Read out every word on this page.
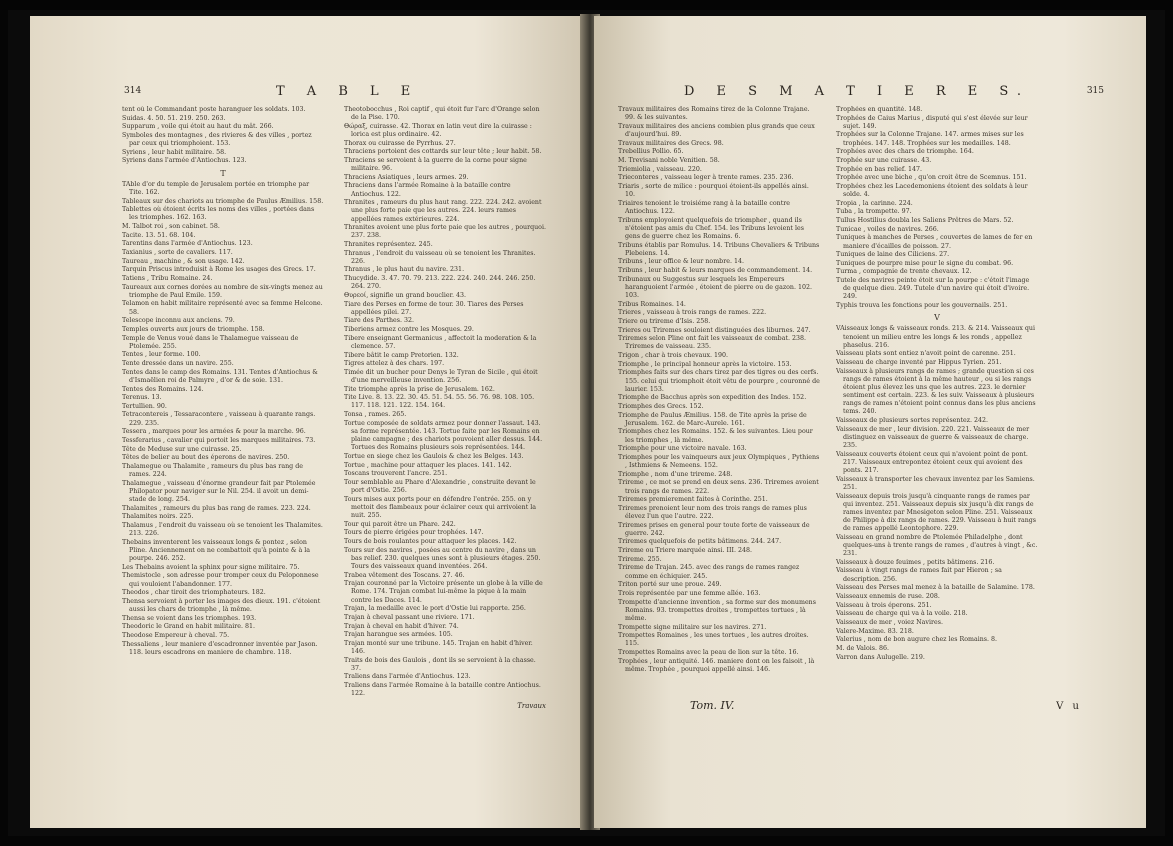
314	T A B L E
tent où le Commandant poste haranguer les soldats. 103.
Suidas. 4. 50. 51. 219. 250. 263.
Supparum , voile qui étoit au haut du mât. 266.
Symboles des montagnes , des rivieres & des villes , portez par ceux qui triomphoient. 153.
Syriens , leur habit militaire. 58.
Syriens dans l'armée d'Antiochus. 123.
T
TAble d'or du temple de Jerusalem portée en triomphe par Tite. 162.
Tableaux sur des chariots au triomphe de Paulus Æmilius. 158.
Tablettes où étoient écrits les noms des villes , portées dans les triomphes. 162. 163.
M. Talbot roi , son cabinet. 58.
Tacite. 13. 51. 68. 104.
Tarentins dans l'armée d'Antiochus. 123.
Taxianius , sorte de cavaliers. 117.
Taureau , machine , & son usage. 142.
Tarquin Priscus introduisit à Rome les usages des Grecs. 17.
Tatiens , Tribu Romaine. 24.
Taureaux aux cornes dorées au nombre de six-vingts menez au triomphe de Paul Emile. 159.
Telamon en habit militaire représenté avec sa femme Helcone. 58.
Telescope inconnu aux anciens. 79.
Temples ouverts aux jours de triomphe. 158.
Temple de Venus voué dans le Thalamegue vaisseau de Ptolemée. 255.
Tentes , leur forme. 100.
Tente dressée dans un navire. 255.
Tentes dans le camp des Romains. 131. Tentes d'Antiochus & d'Ismaëlien roi de Palmyre , d'or & de soie. 131.
Tentes des Romains. 124.
Terenus. 13.
Tertullien. 90.
Tetracontereis , Tessaracontere , vaisseau à quarante rangs. 229. 235.
Tessera , marques pour les armées & pour la marche. 96.
Tessferarius , cavalier qui portoit les marques militaires. 73.
Tête de Meduse sur une cuirasse. 25.
Têtes de belier au bout des éperons de navires. 250.
Thalamegue ou Thalamite , rameurs du plus bas rang de rames. 224.
Thalamegue , vaisseau d'énorme grandeur fait par Ptolemée Philopator pour naviger sur le Nil. 254. il avoit un demi-stade de long. 254.
Thalamites , rameurs du plus bas rang de rames. 223. 224.
Thalamites noirs. 225.
Thalamus , l'endroit du vaisseau où se tenoient les Thalamites. 213. 226.
Thebains inventerent les vaisseaux longs & pontez , selon Pline. Anciennement on ne combattoit qu'à pointe & à la pourpe. 246. 252.
Les Thebains avoient la sphinx pour signe militaire. 75.
Themistocle , son adresse pour tromper ceux du Peloponnese qui vouloient l'abandonner. 177.
Theodos , char tiroit des triomphateurs. 182.
Thensa servoient à porter les images des dieux. 191. c'étoient aussi les chars de triomphe , là même.
Thensa se voient dans les triomphes. 193.
Theodoric le Grand en habit militaire. 81.
Theodose Empereur à cheval. 75.
Thessaliens , leur maniere d'escadronner inventée par Jason. 118. leurs escadrons en maniere de chambre. 118.
Theotobocchus , Roi captif , qui étoit fur l'arc d'Orange selon de la Pise. 170.
Θώραξ, cuirasse. 42. Thorax en latin veut dire la cuirasse : lorica est plus ordinaire. 42.
Thorax ou cuirasse de Pyrrhus. 27.
Thraciens portoient des cottards sur leur tête ; leur habit. 58.
Thraciens se servoient à la guerre de la corne pour signe militaire. 96.
Thraciens Asiatiques , leurs armes. 29.
Thraciens dans l'armée Romaine à la bataille contre Antiochus. 122.
Thranites , rameurs du plus haut rang. 222. 224. 242. avoient une plus forte paie que les autres. 224. leurs rames appellées rames extérieures. 224.
Thranites avoient une plus forte paie que les autres , pourquoi. 237. 238.
Thranites représentez. 245.
Thranus , l'endroit du vaisseau où se tenoient les Thranites. 226.
Thranus , le plus haut du navire. 231.
Thucydide. 3. 47. 70. 79. 213. 222. 224. 240. 244. 246. 250. 264. 270.
Θυρεοί, signifie un grand bouclier. 43.
Tiare des Perses en forme de tour. 30. Tiares des Perses appellées pilei. 27.
Tiare des Parthes. 32.
Tiberiens armez contre les Mosques. 29.
Tibere enseignant Germanicus , affectoit la moderation & la clemence. 57.
Tibere bâtit le camp Pretorien. 132.
Tigres attelez à des chars. 197.
Timée dit un bucher pour Denys le Tyran de Sicile , qui étoit d'une merveilleuse invention. 256.
Tite triomphe après la prise de Jerusalem. 162.
Tite Live. 8. 13. 22. 30. 45. 51. 54. 55. 56. 76. 98. 108. 105. 117. 118. 121. 122. 154. 164.
Tonsa , rames. 265.
Tortue composée de soldats armez pour donner l'assaut. 143. sa forme représentée. 143. Tortue faite par les Romains en plaine campagne ; des chariots pouvoient aller dessus. 144. Tortues des Romains plusieurs sois représentées. 144.
Tortue en siege chez les Gaulois & chez les Belges. 143.
Tortue , machine pour attaquer les places. 141. 142.
Toscans trouverent l'ancre. 251.
Tour semblable au Phare d'Alexandrie , construite devant le port d'Ostie. 256.
Tours mises aux ports pour en défendre l'entrée. 255. on y mettoit des flambeaux pour éclairer ceux qui arrivoient la nuit. 255.
Tour qui paroit être un Phare. 242.
Tours de pierre érigées pour trophées. 147.
Tours de bois roulantes pour attaquer les places. 142.
Tours sur des navires , posées au centre du navire , dans un bas relief. 230. quelques unes sont à plusieurs étages. 250. Tours des vaisseaux quand inventées. 264.
Trabea vêtement des Toscans. 27. 46.
Trajan couronné par la Victoire présente un globe à la ville de Rome. 174. Trajan combat lui-même la pique à la main contre les Daces. 114.
Trajan, la medaille avec le port d'Ostie lui rapporte. 256.
Trajan à cheval passant une riviere. 171.
Trajan à cheval en habit d'hiver. 74.
Trajan harangue ses armées. 105.
Trajan monté sur une tribune. 145. Trajan en habit d'hiver. 146.
Traits de bois des Gaulois , dont ils se servoient à la chasse. 37.
Traliens dans l'armée d'Antiochus. 123.
Traliens dans l'armée Romaine à la bataille contre Antiochus. 122.
Travaux
D E S M A T I E R E S.	315
Travaux militaires des Romains tirez de la Colonne Trajane. 99. & les suivantes.
Travaux militaires des anciens combien plus grands que ceux d'aujourd'hui. 89.
Travaux militaires des Grecs. 98.
Trebellius Pollio. 65.
M. Trevisani noble Venitien. 58.
Triemiolia , vaisseau. 220.
Trieconteres , vaisseau leger à trente rames. 235. 236.
Triaris , sorte de milice : pourquoi étoient-ils appellés ainsi. 10.
Triaires tenoient le troisiéme rang à la bataille contre Antiochus. 122.
Tribuns employoient quelquefois de triompher , quand ils n'étoient pas amis du Chef. 154. les Tribuns levoient les gens de guerre chez les Romains. 6.
Tribuns établis par Romulus. 14. Tribuns Chevaliers & Tribuns Plebeiens. 14.
Tribuns , leur office & leur nombre. 14.
Tribuns , leur habit & leurs marques de commandement. 14.
Tribunaux ou Suggestus sur lesquels les Empereurs haranguoient l'armée , étoient de pierre ou de gazon. 102. 103.
Tribus Romaines. 14.
Trieres , vaisseau à trois rangs de rames. 222.
Triere ou trireme d'Isis. 258.
Trieres ou Triremes souloient distinguées des liburnes. 247.
Triremes selon Pline ont fait les vaisseaux de combat. 238. Triremes de vaisseau. 235.
Trigon , char à trois chevaux. 190.
Triomphe , le principal honneur après la victoire. 153.
Triomphes faits sur des chars tirez par des tigres ou des cerfs. 155. celui qui triomphoit étoit vêtu de pourpre , couronné de laurier. 153.
Triomphe de Bacchus après son expedition des Indes. 152.
Triomphes des Grecs. 152.
Triomphe de Paulus Æmilius. 158. de Tite après la prise de Jerusalem. 162. de Marc-Aurele. 161.
Triomphes chez les Romains. 152. & les suivantes. Lieu pour les triomphes , là même.
Triomphe pour une victoire navale. 163.
Triomphes pour les vainqueurs aux jeux Olympiques , Pythiens , Isthmiens & Nemeens. 152.
Triomphe , nom d'une trireme. 248.
Trireme , ce mot se prend en deux sens. 236. Triremes avoient trois rangs de rames. 222.
Triremes premierement faites à Corinthe. 251.
Triremes prenoient leur nom des trois rangs de rames plus élevez l'un que l'autre. 222.
Triremes prises en general pour toute forte de vaisseaux de guerre. 242.
Triremes quelquefois de petits bâtimens. 244. 247.
Trireme ou Triere marquée ainsi. III. 248.
Trireme. 255.
Trireme de Trajan. 245. avec des rangs de rames rangez comme en échiquier. 245.
Triton porté sur une proue. 249.
Trois représentée par une femme aîlée. 163.
Trompette d'ancienne invention , sa forme sur des monumens Romains. 93. trompettes droites , trompettes tortues , là même.
Trompette signe militaire sur les navires. 271.
Trompettes Romaines , les unes tortues , les autres droites. 115.
Trompettes Romains avec la peau de lion sur la tête. 16.
Trophées , leur antiquité. 146. maniere dont on les faisoit , là même. Trophée , pourquoi appellé ainsi. 146.
Trophées en quantité. 148.
Trophées de Caius Marius , disputé qui s'est élevée sur leur sujet. 149.
Trophées sur la Colonne Trajane. 147. armes mises sur les trophées. 147. 148. Trophées sur les medailles. 148.
Trophées avec des chars de triomphe. 164.
Trophée sur une cuirasse. 43.
Trophée en bas relief. 147.
Trophée avec une biche , qu'on croit être de Scemnus. 151.
Trophées chez les Lacedemoniens étoient des soldats à leur solde. 4.
Tropia , la carinne. 224.
Tuba , la trompette. 97.
Tullus Hostilius doubla les Saliens Prêtres de Mars. 52.
Tunicae , voiles de navires. 266.
Tuniques à manches de Perses , couvertes de lames de fer en maniere d'écailles de poisson. 27.
Tuniques de laine des Ciliciens. 27.
Tuniques de pourpre mise pour le signe du combat. 96.
Turma , compagnie de trente chevaux. 12.
Tutele des navires peinte étoit sur la pourpe : c'étoit l'image de quelque dieu. 249. Tutele d'un navire qui étoit d'ivoire. 249.
Typhis trouva les fonctions pour les gouvernails. 251.
V
VAisseaux longs & vaisseaux ronds. 213. & 214. Vaisseaux qui tenoient un milieu entre les longs & les ronds , appellez phaselus. 216.
Vaisseau plats sont entiez n'avoit point de carenne. 251.
Vaisseau de charge inventé par Hippus Tyrien. 251.
Vaisseaux à plusieurs rangs de rames ; grande question si ces rangs de rames étoient à la même hauteur , ou si les rangs étoient plus élevez les uns que les autres. 223. le dernier sentiment est certain. 223. & les suiv. Vaisseaux à plusieurs rangs de rames n'étoient point connus dans les plus anciens tems. 240.
Vaisseaux de plusieurs sortes représentez. 242.
Vaisseaux de mer , leur division. 220. 221. Vaisseaux de mer distinguez en vaisseaux de guerre & vaisseaux de charge. 235.
Vaisseaux couverts étoient ceux qui n'avoient point de pont. 217. Vaisseaux entrepontez étoient ceux qui avoient des ponts. 217.
Vaisseaux à transporter les chevaux inventez par les Samiens. 251.
Vaisseaux depuis trois jusqu'à cinquante rangs de rames par qui inventez. 251. Vaisseaux depuis six jusqu'à dix rangs de rames inventez par Mnesigeton selon Pline. 251. Vaisseaux de Philippe à dix rangs de rames. 229. Vaisseau à huit rangs de rames appellé Leontophore. 229.
Vaisseau en grand nombre de Ptolemée Philadelphe , dont quelques-uns à trente rangs de rames , d'autres à vingt , &c. 231.
Vaisseaux à douze feuimes , petits bâtimens. 216.
Vaisseau à vingt rangs de rames fait par Hieron ; sa description. 256.
Vaisseau des Perses mal menez à la bataille de Salamine. 178.
Vaisseaux ennemis de ruse. 208.
Vaisseau à trois éperons. 251.
Vaisseau de charge qui va à la voile. 218.
Vaisseaux de mer , voiez Navires.
Valere-Maxime. 83. 218.
Valerius , nom de bon augure chez les Romains. 8.
M. de Valois. 86.
Varron dans Aulugelle. 219.
Tom. IV.	V u
